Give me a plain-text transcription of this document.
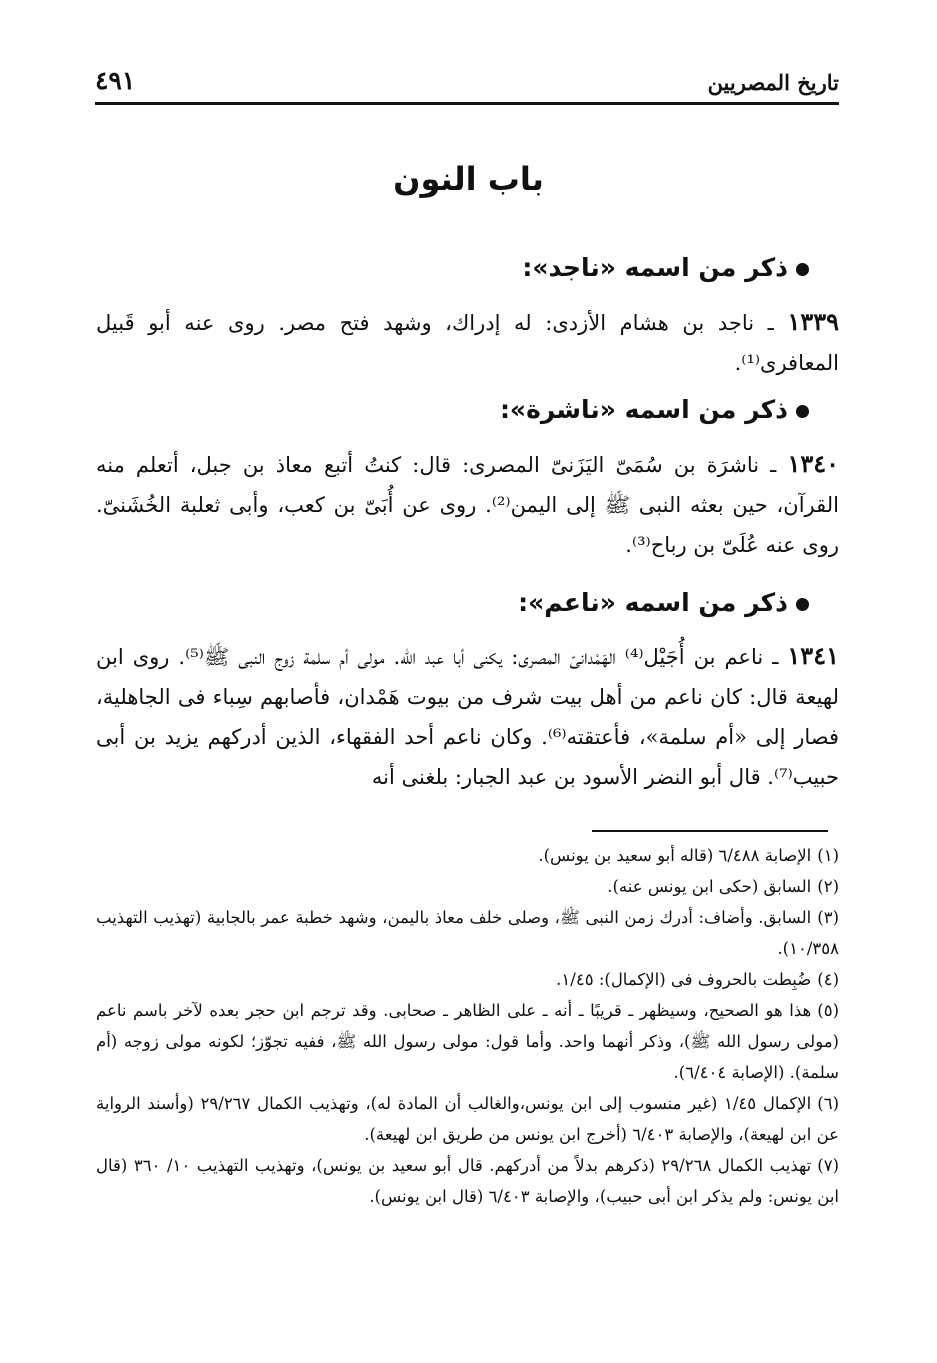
تاريخ المصريين
٤٩١
باب النون
ذكر من اسمه «ناجد»:
١٣٣٩ ـ ناجد بن هشام الأزدى: له إدراك، وشهد فتح مصر. روى عنه أبو قَبيل المعافرى⁽¹⁾.
ذكر من اسمه «ناشرة»:
١٣٤٠ ـ ناشرَة بن سُمَىّ اليَزَنىّ المصرى: قال: كنتُ أتبع معاذ بن جبل، أتعلم منه القرآن، حين بعثه النبى ﷺ إلى اليمن⁽²⁾. روى عن أُبَىّ بن كعب، وأبى ثعلبة الخُشَنىّ. روى عنه عُلَىّ بن رباح⁽³⁾.
ذكر من اسمه «ناعم»:
١٣٤١ ـ ناعم بن أُجَيْل⁽⁴⁾ الهَمْدانىّ المصرى: يكنى أبا عبد الله. مولى أم سلمة زوج النبى ﷺ⁽⁵⁾. روى ابن لهيعة قال: كان ناعم من أهل بيت شرف من بيوت هَمْدان، فأصابهم سِباء فى الجاهلية، فصار إلى «أم سلمة»، فأعتقته⁽⁶⁾. وكان ناعم أحد الفقهاء، الذين أدركهم يزيد بن أبى حبيب⁽⁷⁾. قال أبو النضر الأسود بن عبد الجبار: بلغنى أنه
(١)الإصابة ٦/٤٨٨ (قاله أبو سعيد بن يونس).
(٢)السابق (حكى ابن يونس عنه).
(٣)السابق. وأضاف: أدرك زمن النبى ﷺ، وصلى خلف معاذ باليمن، وشهد خطبة عمر بالجابية (تهذيب التهذيب ١٠/٣٥٨).
(٤)ضُبِطت بالحروف فى (الإكمال): ١/٤٥.
(٥)هذا هو الصحيح، وسيظهر ـ قريبًا ـ أنه ـ على الظاهر ـ صحابى. وقد ترجم ابن حجر بعده لآخر باسم ناعم (مولى رسول الله ﷺ)، وذكر أنهما واحد. وأما قول: مولى رسول الله ﷺ، ففيه تجوّز؛ لكونه مولى زوجه (أم سلمة). (الإصابة ٦/٤٠٤).
(٦)الإكمال ١/٤٥ (غير منسوب إلى ابن يونس،والغالب أن المادة له)، وتهذيب الكمال ٢٩/٢٦٧ (وأسند الرواية عن ابن لهيعة)، والإصابة ٦/٤٠٣ (أخرج ابن يونس من طريق ابن لهيعة).
(٧)تهذيب الكمال ٢٩/٢٦٨ (ذكرهم بدلاً من أدركهم. قال أبو سعيد بن يونس)، وتهذيب التهذيب ١٠/ ٣٦٠ (قال ابن يونس: ولم يذكر ابن أبى حبيب)، والإصابة ٦/٤٠٣ (قال ابن يونس).
